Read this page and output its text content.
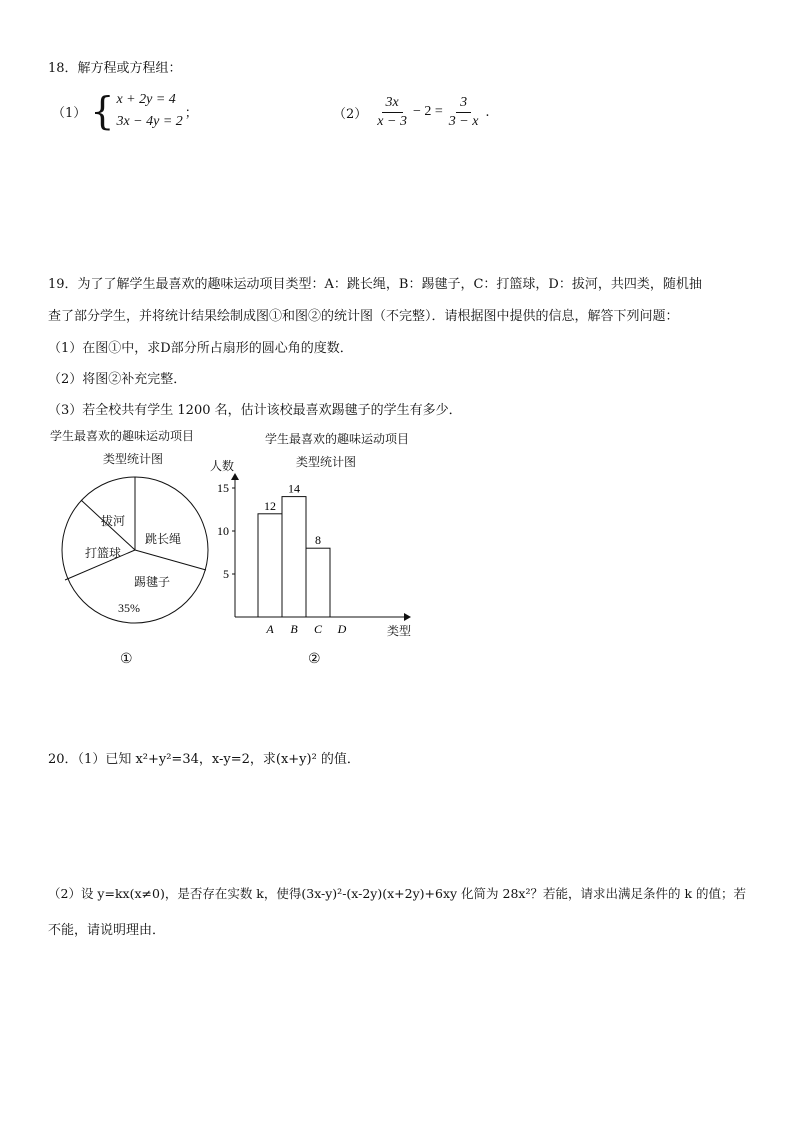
18．解方程或方程组：
（1） { x + 2y = 4
3x − 4y = 2
；	$(2) \frac{3x}{x - 3} - 2 = \frac{3}{3 - x}$ .
19．为了了解学生最喜欢的趣味运动项目类型：A：跳长绳，B：踢毽子，C：打篮球，D：拔河，共四类，随机抽
查了部分学生，并将统计结果绘制成图①和图②的统计图（不完整）．请根据图中提供的信息，解答下列问题：
（1）在图①中，求D部分所占扇形的圆心角的度数．
（2）将图②补充完整．
（3）若全校共有学生 1200 名，估计该校最喜欢踢毽子的学生有多少．
学生最喜欢的趣味运动项目
类型统计图
拔河
跳长绳
打篮球
踢毽子
35%
①
学生最喜欢的趣味运动项目
类型统计图
人数
类型
②
5
10
15
12
A
14
B
8
C D
20．（1）已知 x²+y²=34，x-y=2，求(x+y)² 的值．
（2）设 y=kx(x≠0)，是否存在实数 k，使得(3x-y)²-(x-2y)(x+2y)+6xy 化简为 28x²？若能，请求出满足条件的 k 的值；若
不能，请说明理由．
